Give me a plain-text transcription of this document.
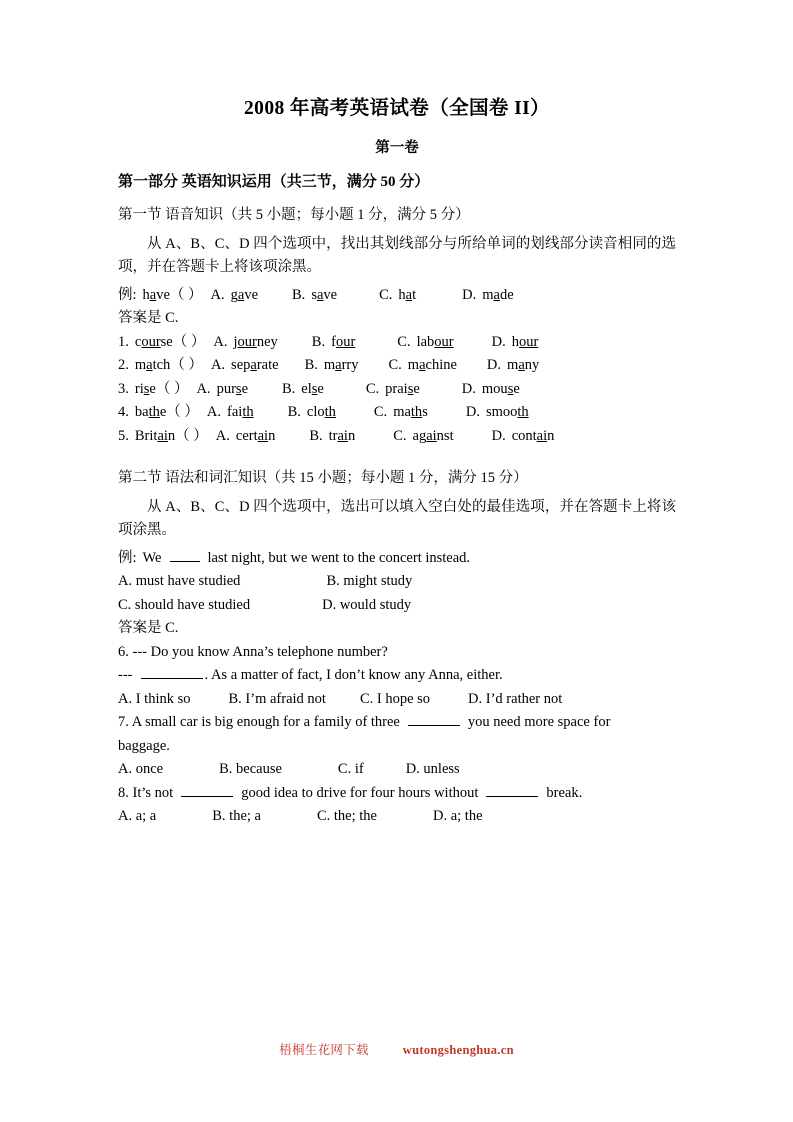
2008 年高考英语试卷（全国卷 II）
第一卷
第一部分 英语知识运用（共三节，满分 50 分）
第一节 语音知识（共 5 小题；每小题 1 分，满分 5 分）
从 A、B、C、D 四个选项中，找出其划线部分与所给单词的划线部分读音相同的选项，并在答题卡上将该项涂黑。
例: have（ ） A. gave B. save	C. hat	D. made
答案是 C.
1. course（ ） A. journey B. four	C. labour	D. hour
2. match（ ） A. separate B. marry C. machine D. many
3. rise（ ） A. purse B. else	C. praise	D. mouse
4. bathe（ ） A. faith B. cloth	C. maths	D. smooth
5. Britain（ ） A. certain B. train	C. against	D. contain
第二节 语法和词汇知识（共 15 小题；每小题 1 分，满分 15 分）
从 A、B、C、D 四个选项中，选出可以填入空白处的最佳选项，并在答题卡上将该项涂黑。
例: We	last night, but we went to the concert instead.
A. must have studied	B. might study
C. should have studied	D. would study
答案是 C.
6. --- Do you know Anna’s telephone number?
---	. As a matter of fact, I don’t know any Anna, either.
A. I think so	B. I’m afraid not C. I hope so	D. I’d rather not
7. A small car is big enough for a family of three	you need more space for
baggage.
A. once	B. because	C. if	D. unless
8. It’s not	good idea to drive for four hours without	break.
A. a; a	B. the; a	C. the; the	D. a; the
梧桐生花网下载	wutongshenghua.cn
